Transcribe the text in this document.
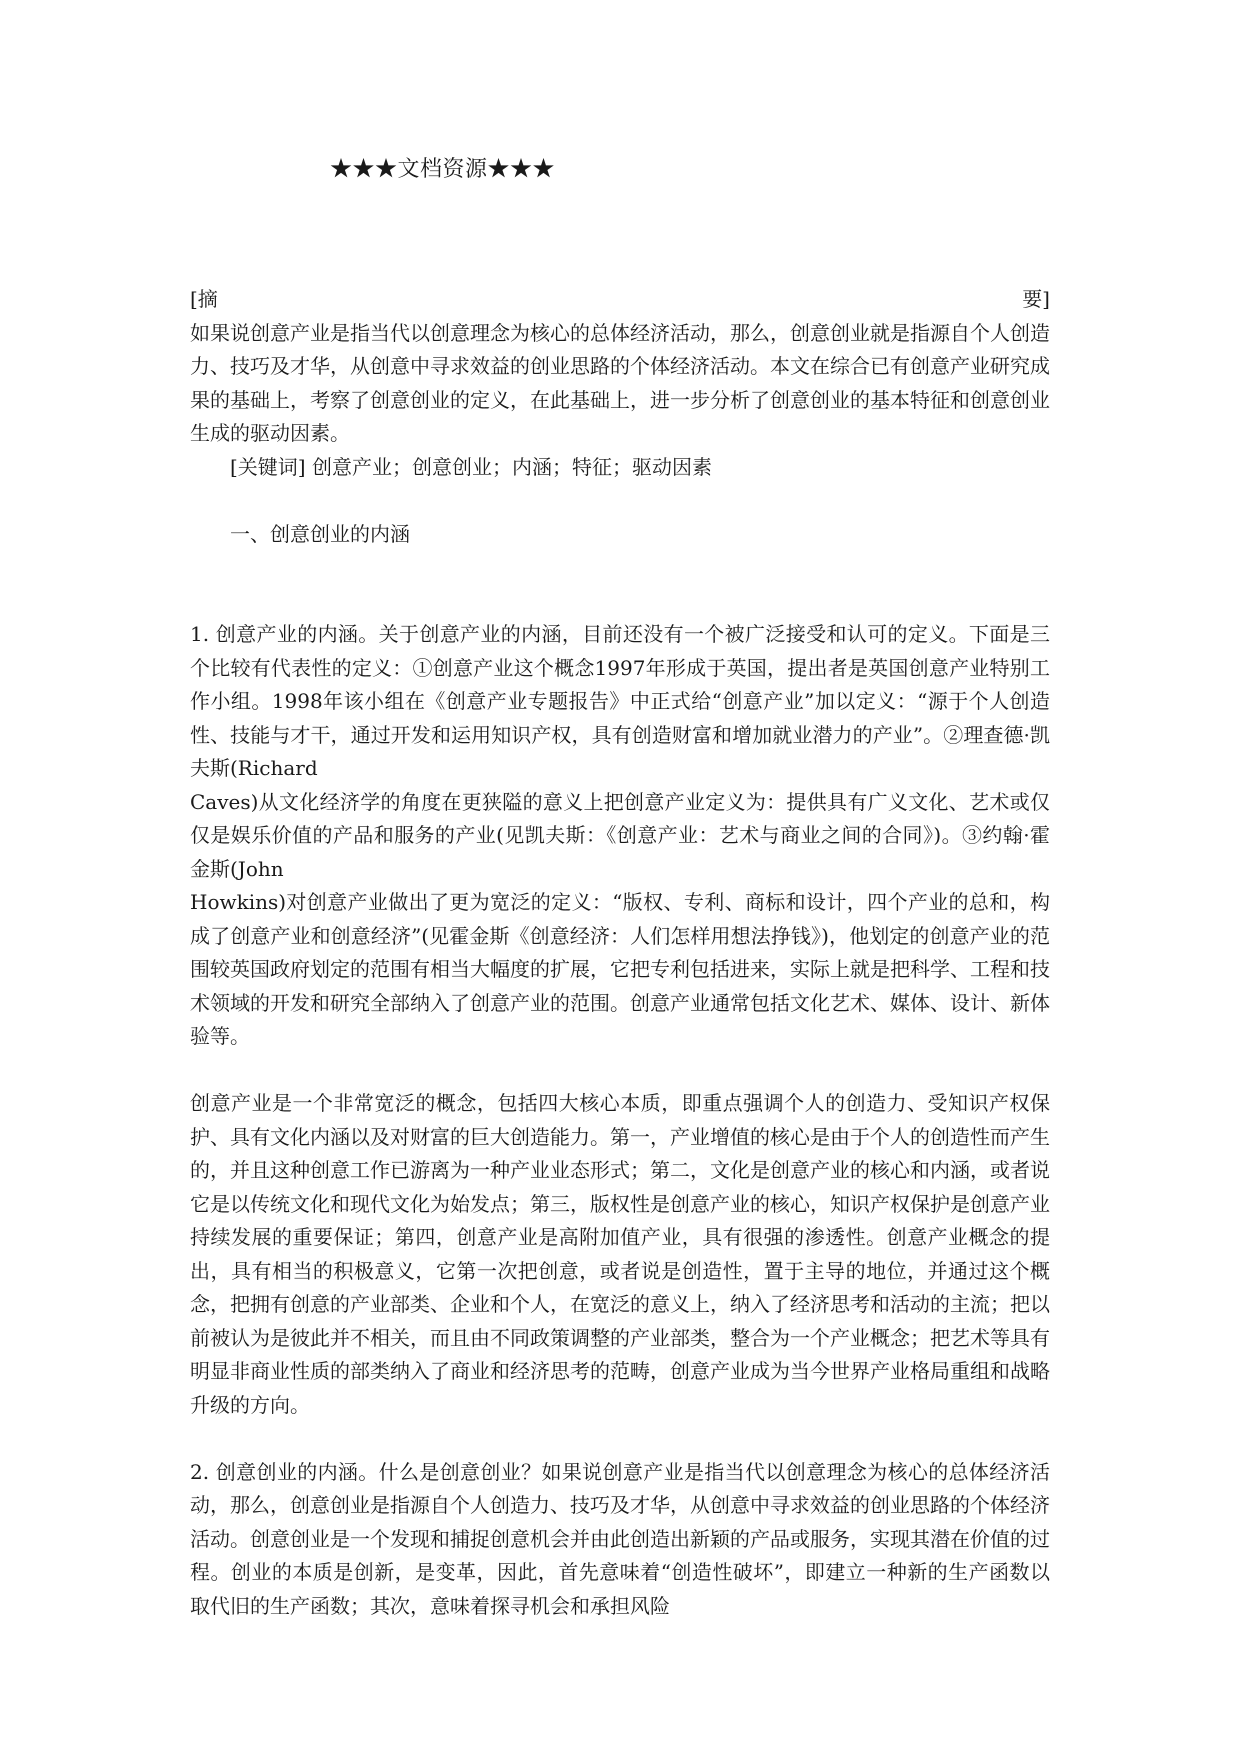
★★★文档资源★★★
[摘	要]

如果说创意产业是指当代以创意理念为核心的总体经济活动，那么，创意创业就是指源自个人创造力、技巧及才华，从创意中寻求效益的创业思路的个体经济活动。本文在综合已有创意产业研究成果的基础上，考察了创意创业的定义，在此基础上，进一步分析了创意创业的基本特征和创意创业生成的驱动因素。

[关键词] 创意产业；创意创业；内涵；特征；驱动因素

一、创意创业的内涵

1. 创意产业的内涵。关于创意产业的内涵，目前还没有一个被广泛接受和认可的定义。下面是三个比较有代表性的定义：①创意产业这个概念1997年形成于英国，提出者是英国创意产业特别工作小组。1998年该小组在《创意产业专题报告》中正式给“创意产业”加以定义：“源于个人创造性、技能与才干，通过开发和运用知识产权，具有创造财富和增加就业潜力的产业”。②理查德·凯夫斯(Richard

Caves)从文化经济学的角度在更狭隘的意义上把创意产业定义为：提供具有广义文化、艺术或仅仅是娱乐价值的产品和服务的产业(见凯夫斯：《创意产业：艺术与商业之间的合同》)。③约翰·霍金斯(John

Howkins)对创意产业做出了更为宽泛的定义：“版权、专利、商标和设计，四个产业的总和，构成了创意产业和创意经济”(见霍金斯《创意经济：人们怎样用想法挣钱》)，他划定的创意产业的范围较英国政府划定的范围有相当大幅度的扩展，它把专利包括进来，实际上就是把科学、工程和技术领域的开发和研究全部纳入了创意产业的范围。创意产业通常包括文化艺术、媒体、设计、新体验等。

创意产业是一个非常宽泛的概念，包括四大核心本质，即重点强调个人的创造力、受知识产权保护、具有文化内涵以及对财富的巨大创造能力。第一，产业增值的核心是由于个人的创造性而产生的，并且这种创意工作已游离为一种产业业态形式；第二，文化是创意产业的核心和内涵，或者说它是以传统文化和现代文化为始发点；第三，版权性是创意产业的核心，知识产权保护是创意产业持续发展的重要保证；第四，创意产业是高附加值产业，具有很强的渗透性。创意产业概念的提出，具有相当的积极意义，它第一次把创意，或者说是创造性，置于主导的地位，并通过这个概念，把拥有创意的产业部类、企业和个人，在宽泛的意义上，纳入了经济思考和活动的主流；把以前被认为是彼此并不相关，而且由不同政策调整的产业部类，整合为一个产业概念；把艺术等具有明显非商业性质的部类纳入了商业和经济思考的范畴，创意产业成为当今世界产业格局重组和战略升级的方向。

2. 创意创业的内涵。什么是创意创业？如果说创意产业是指当代以创意理念为核心的总体经济活动，那么，创意创业是指源自个人创造力、技巧及才华，从创意中寻求效益的创业思路的个体经济活动。创意创业是一个发现和捕捉创意机会并由此创造出新颖的产品或服务，实现其潜在价值的过程。创业的本质是创新，是变革，因此，首先意味着“创造性破坏”，即建立一种新的生产函数以取代旧的生产函数；其次，意味着探寻机会和承担风险
